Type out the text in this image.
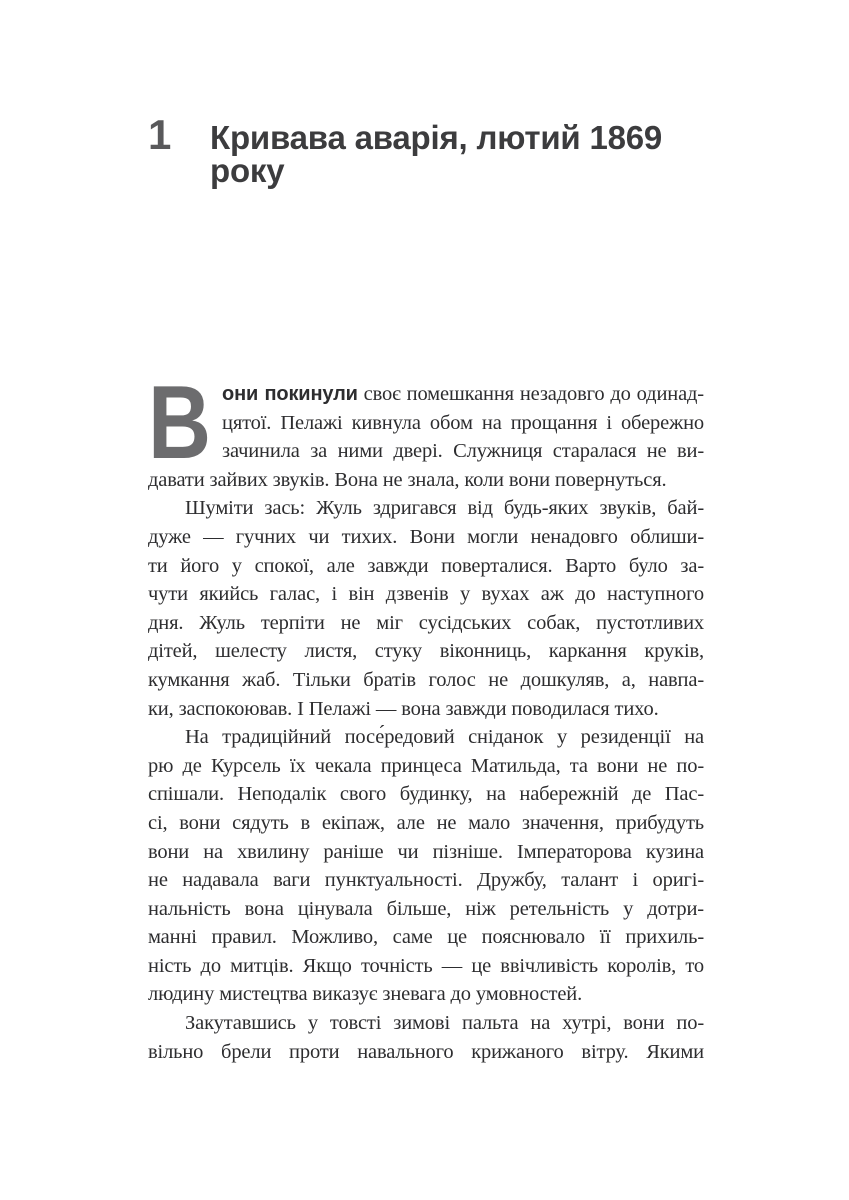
1	Кривава аварія, лютий 1869 року
В они покинули своє помешкання незадовго до одинад-
цятої. Пелажі кивнула обом на прощання і обережно
зачинила за ними двері. Служниця старалася не ви-
давати зайвих звуків. Вона не знала, коли вони повернуться.
Шуміти зась: Жуль здригався від будь-яких звуків, бай-
дуже — гучних чи тихих. Вони могли ненадовго облиши-
ти його у спокої, але завжди поверталися. Варто було за-
чути якийсь галас, і він дзвенів у вухах аж до наступного
дня. Жуль терпіти не міг сусідських собак, пустотливих
дітей, шелесту листя, стуку віконниць, каркання круків,
кумкання жаб. Тільки братів голос не дошкуляв, а, навпа-
ки, заспокоював. І Пелажі — вона завжди поводилася тихо.
На традиційний посе́редовий сніданок у резиденції на
рю де Курсель їх чекала принцеса Матильда, та вони не по-
спішали. Неподалік свого будинку, на набережній де Пас-
сі, вони сядуть в екіпаж, але не мало значення, прибудуть
вони на хвилину раніше чи пізніше. Імператорова кузина
не надавала ваги пунктуальності. Дружбу, талант і оригі-
нальність вона цінувала більше, ніж ретельність у дотри-
манні правил. Можливо, саме це пояснювало її прихиль-
ність до митців. Якщо точність — це ввічливість королів, то
людину мистецтва виказує зневага до умовностей.
Закутавшись у товсті зимові пальта на хутрі, вони по-
вільно брели проти навального крижаного вітру. Якими
